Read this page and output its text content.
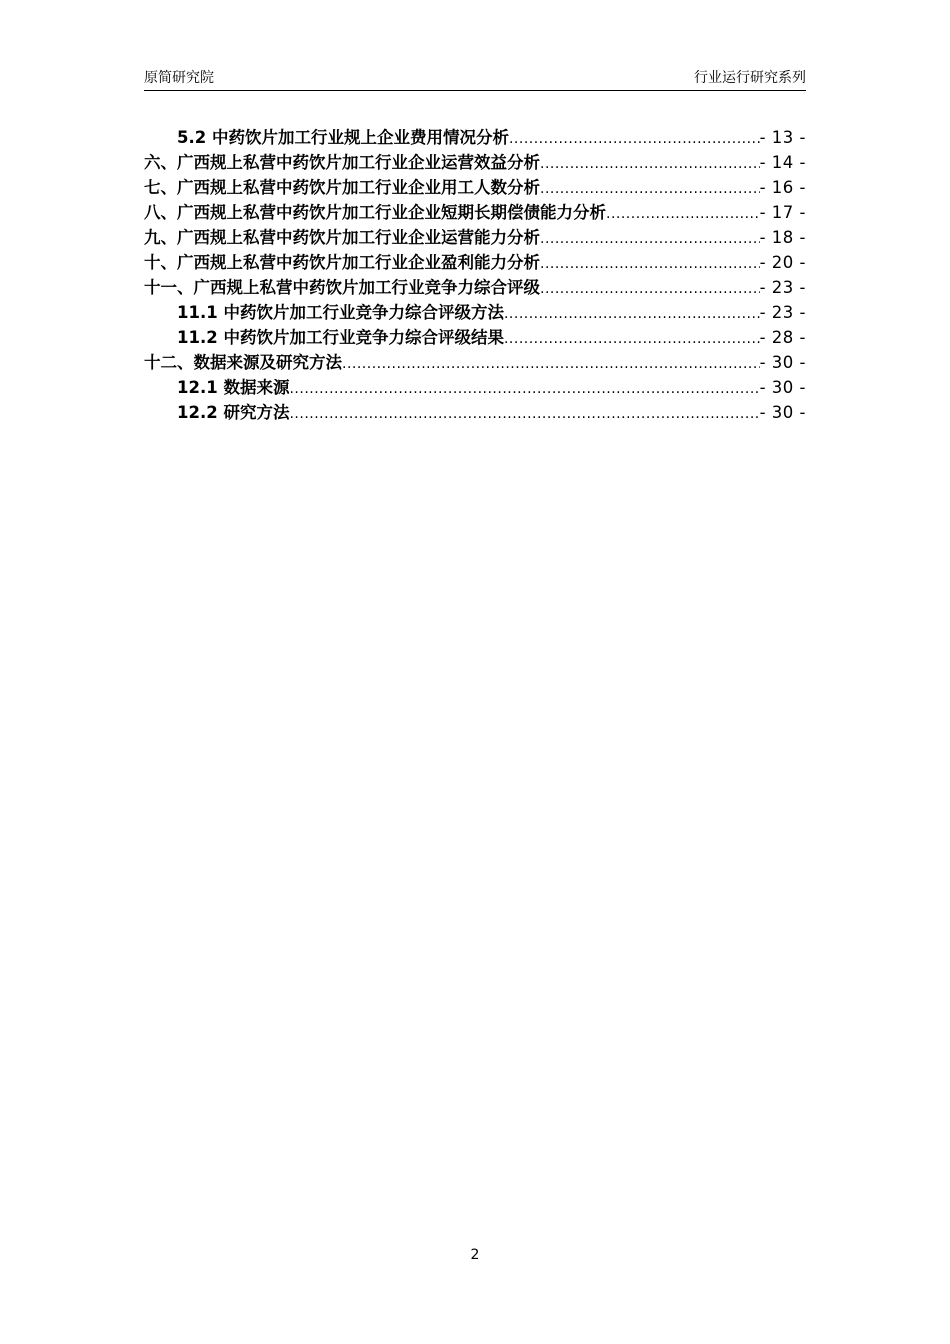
原简研究院	行业运行研究系列
5.2 中药饮片加工行业规上企业费用情况分析 .....	- 13 -
六、广西规上私营中药饮片加工行业企业运营效益分析 .....	- 14 -
七、广西规上私营中药饮片加工行业企业用工人数分析 .....	- 16 -
八、广西规上私营中药饮片加工行业企业短期长期偿债能力分析 .....	- 17 -
九、广西规上私营中药饮片加工行业企业运营能力分析 .....	- 18 -
十、广西规上私营中药饮片加工行业企业盈利能力分析 .....	- 20 -
十一、广西规上私营中药饮片加工行业竞争力综合评级 .....	- 23 -
11.1 中药饮片加工行业竞争力综合评级方法 .....	- 23 -
11.2 中药饮片加工行业竞争力综合评级结果 .....	- 28 -
十二、数据来源及研究方法 .....	- 30 -
12.1 数据来源 .....	- 30 -
12.2 研究方法 .....	- 30 -
2
